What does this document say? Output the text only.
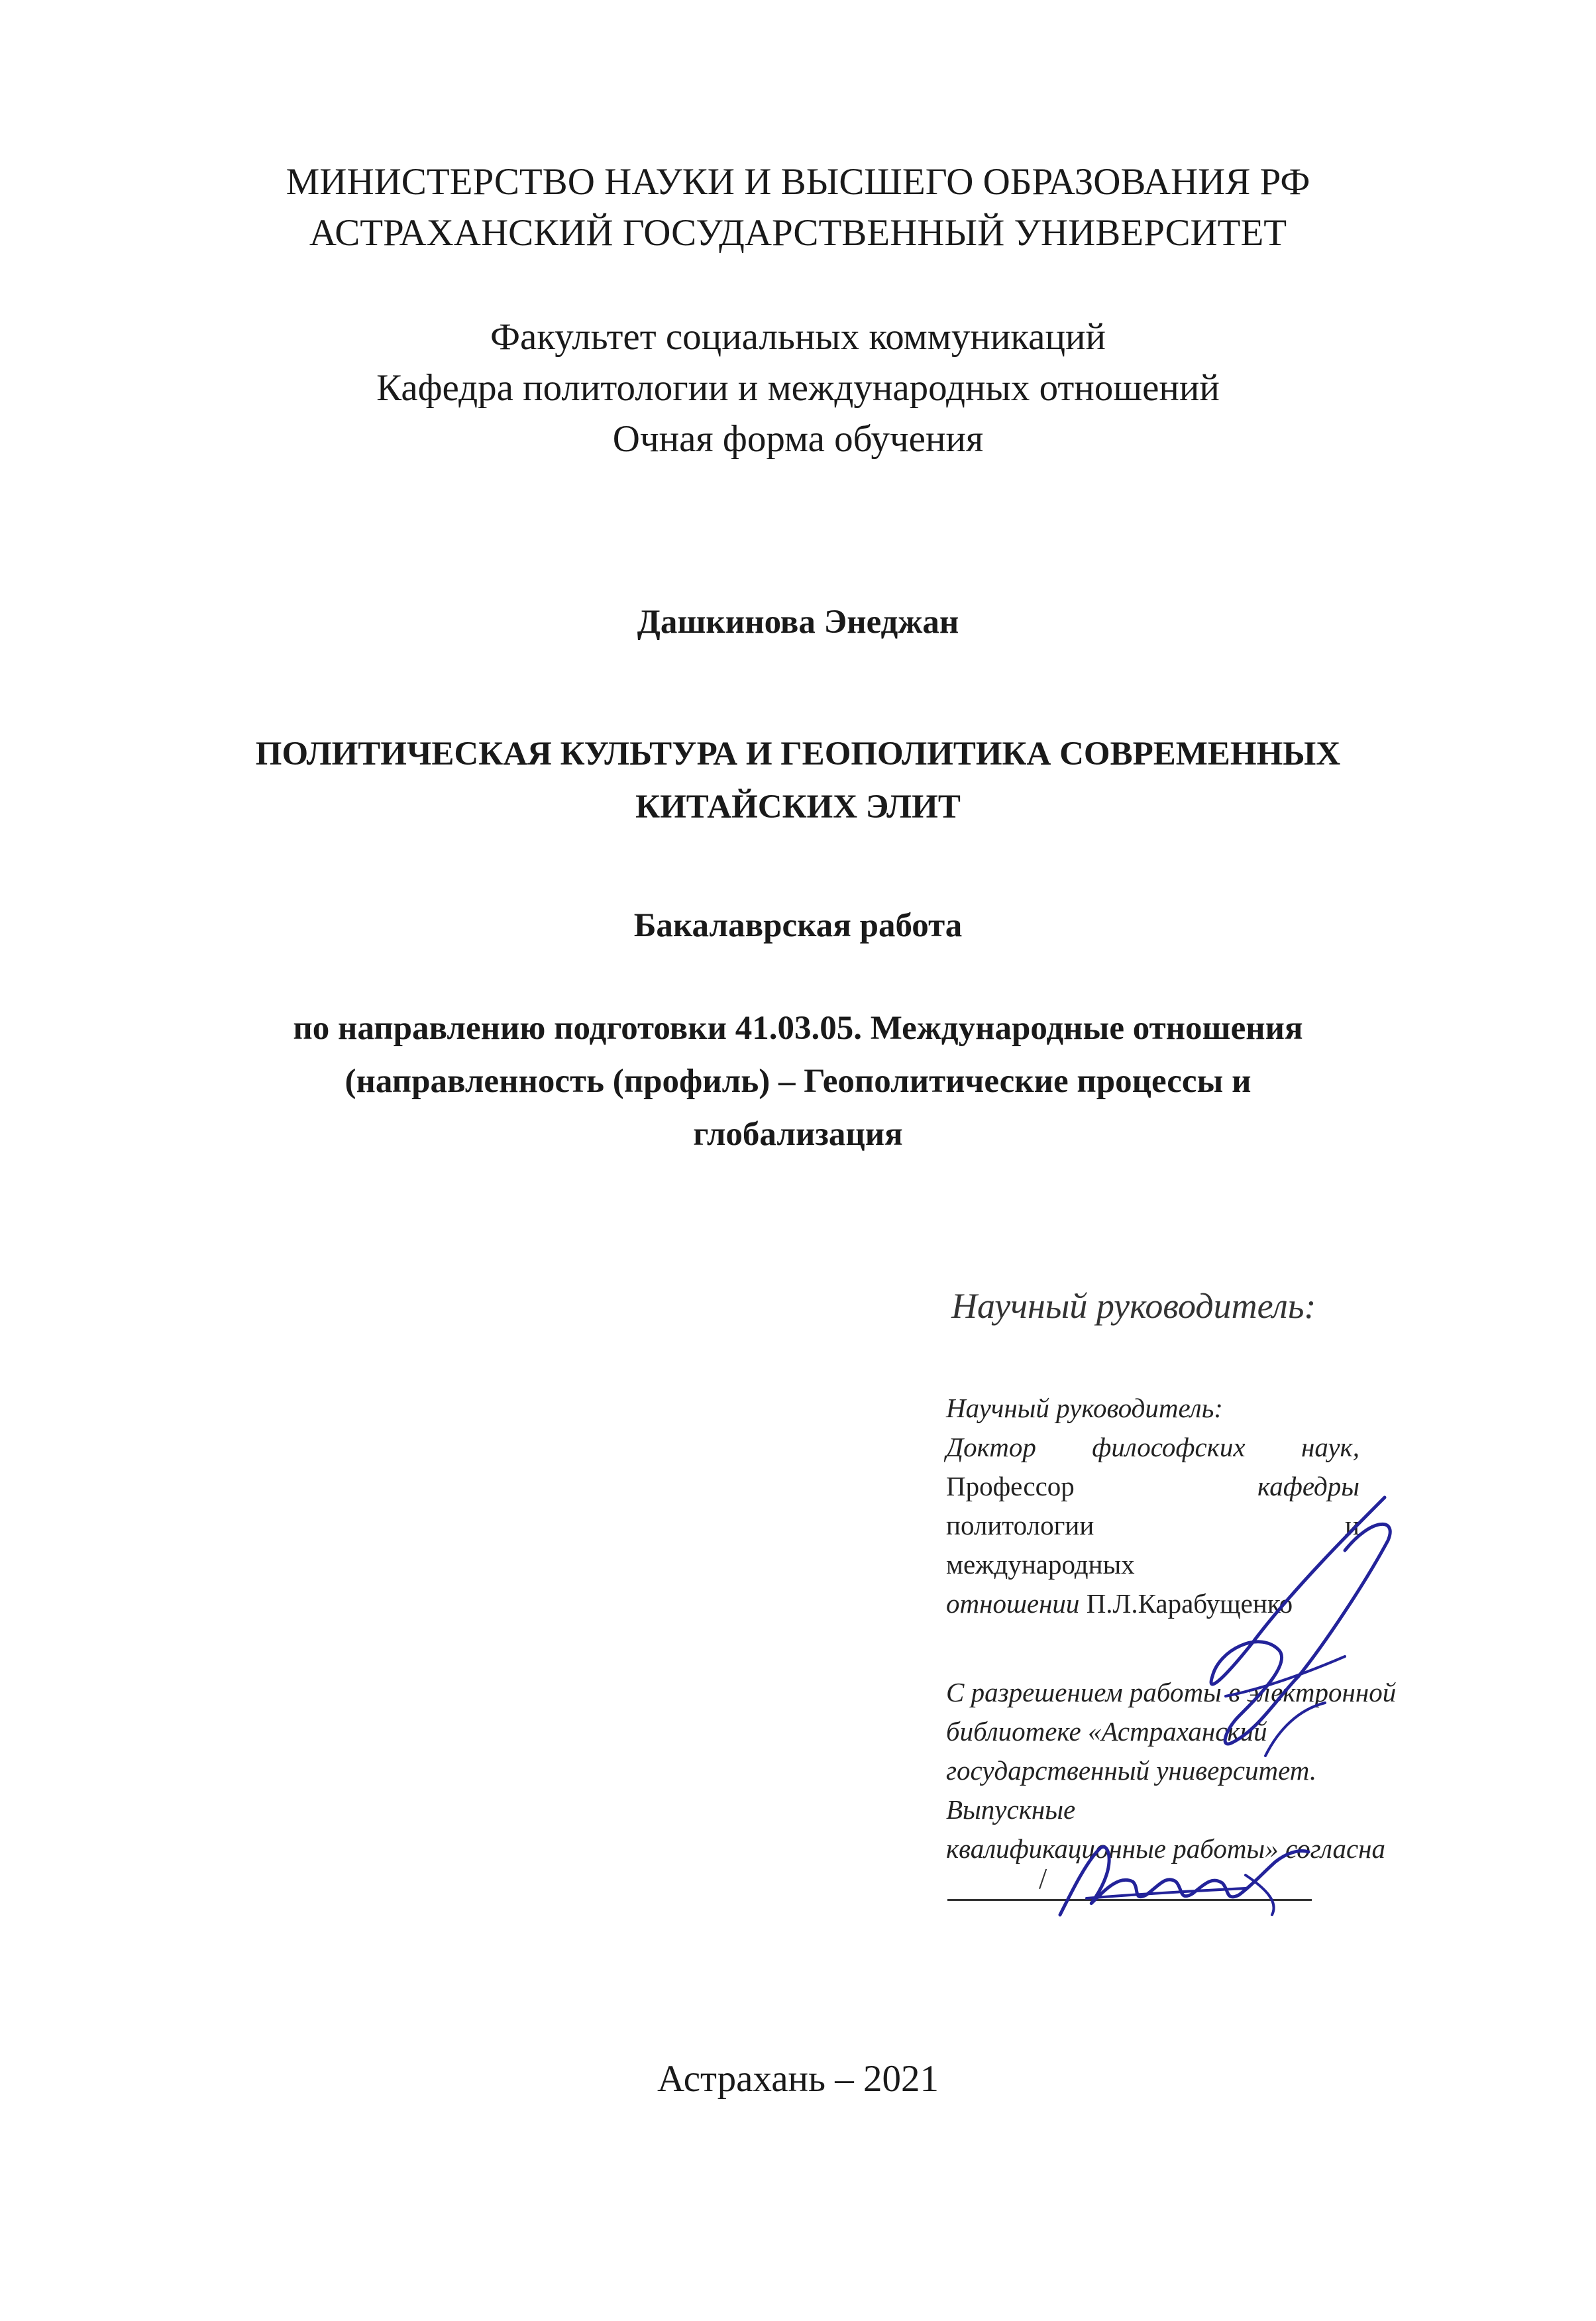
МИНИСТЕРСТВО НАУКИ И ВЫСШЕГО ОБРАЗОВАНИЯ РФ
АСТРАХАНСКИЙ ГОСУДАРСТВЕННЫЙ УНИВЕРСИТЕТ
Факультет социальных коммуникаций
Кафедра политологии и международных отношений
Очная форма обучения
Дашкинова Энеджан
ПОЛИТИЧЕСКАЯ КУЛЬТУРА И ГЕОПОЛИТИКА СОВРЕМЕННЫХ
КИТАЙСКИХ ЭЛИТ
Бакалаврская работа
по направлению подготовки 41.03.05. Международные отношения
(направленность (профиль) – Геополитические процессы и
глобализация
Научный руководитель:
Научный руководитель:
Доктор философских наук,
Профессор	кафедры
политологии	и
международных
отношении П.Л.Карабущенко
С разрешением работы в электронной
библиотеке «Астраханский
государственный университет.
Выпускные
квалификационные работы» согласна
/
Астрахань – 2021
